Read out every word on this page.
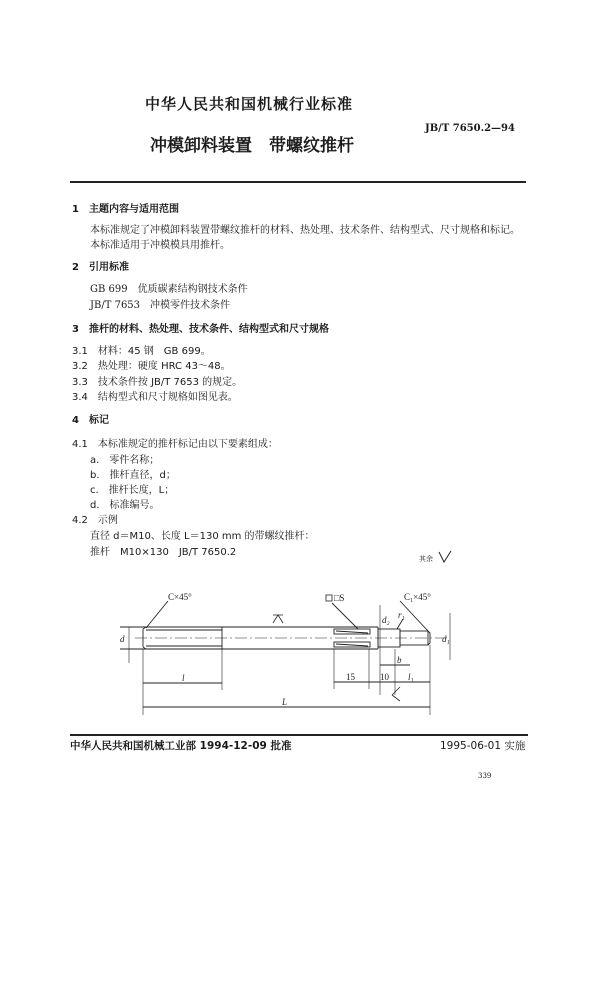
中华人民共和国机械行业标准
JB/T 7650.2—94
冲模卸料装置　带螺纹推杆
1　主题内容与适用范围
本标准规定了冲模卸料装置带螺纹推杆的材料、热处理、技术条件、结构型式、尺寸规格和标记。
本标准适用于冲模模具用推杆。
2　引用标准
GB 699　优质碳素结构钢技术条件
JB/T 7653　冲模零件技术条件
3　推杆的材料、热处理、技术条件、结构型式和尺寸规格
3.1　材料：45 钢　GB 699。
3.2　热处理：硬度 HRC 43～48。
3.3　技术条件按 JB/T 7653 的规定。
3.4　结构型式和尺寸规格如图见表。
4　标记
4.1　本标准规定的推杆标记由以下要素组成：
a.　零件名称；
b.　推杆直径，d；
c.　推杆长度，L；
d.　标准编号。
4.2　示例
直径 d＝M10、长度 L＝130 mm 的带螺纹推杆：
推杆　M10×130　JB/T 7650.2
其余
C×45°	C₁×45°
□S
r₁
d	d₁
d₂
b
l	15	10 l₁
L
中华人民共和国机械工业部 1994-12-09 批准	1995-06-01 实施
339
